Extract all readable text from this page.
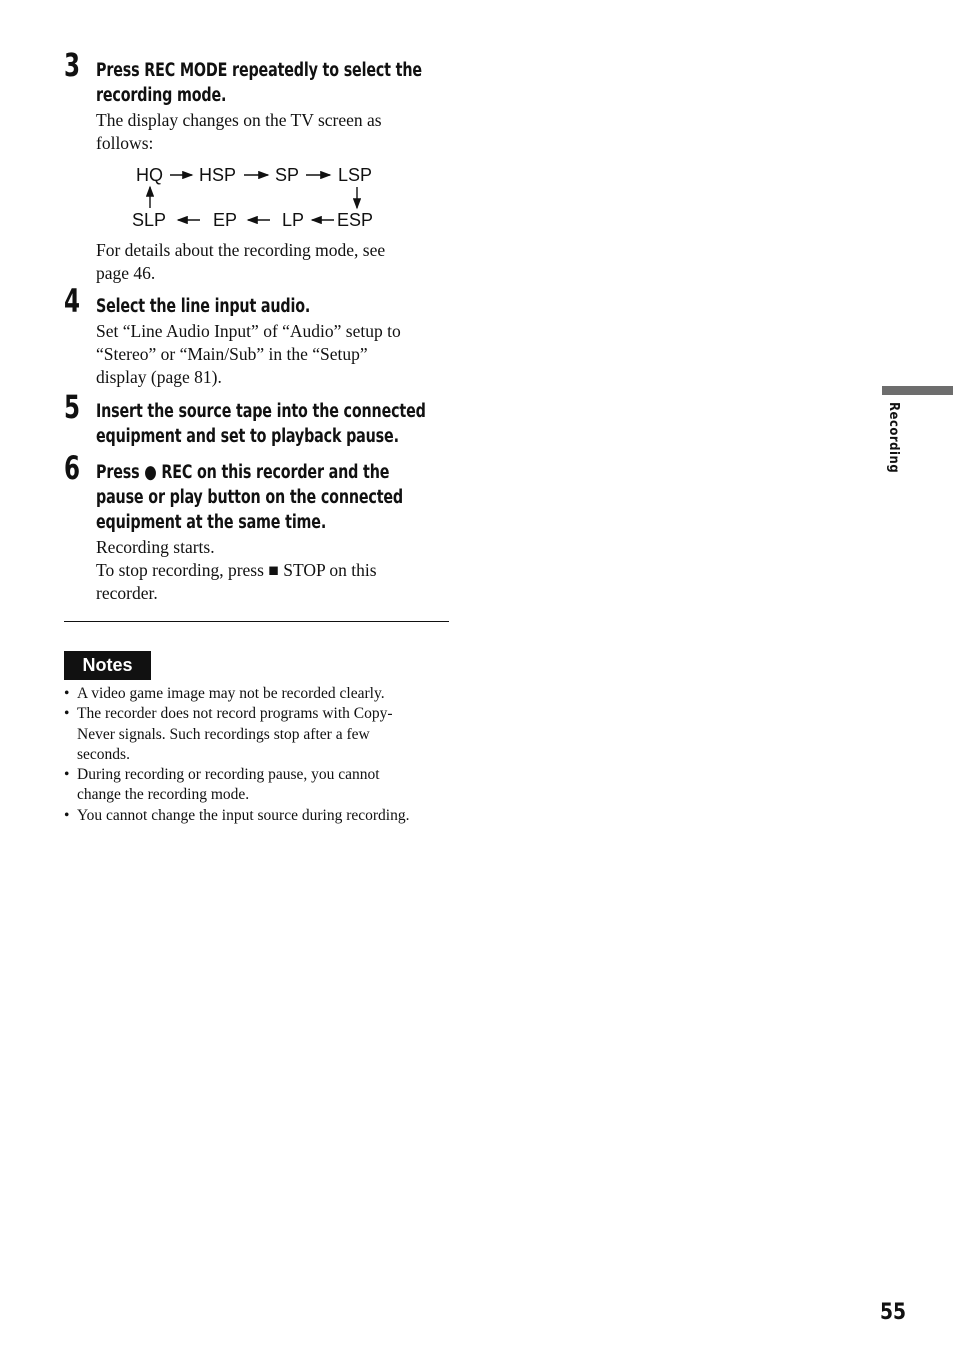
3 Press REC MODE repeatedly to select the
recording mode.
The display changes on the TV screen as
follows:
HQ HSP SP LSP
SLP	EP LP ESP
For details about the recording mode, see
page 46.
4 Select the line input audio.
Set “Line Audio Input” of “Audio” setup to
“Stereo” or “Main/Sub” in the “Setup”
display (page 81).
5 Insert the source tape into the connected
equipment and set to playback pause.
6 Press ● REC on this recorder and the
pause or play button on the connected
equipment at the same time.
Recording starts.
To stop recording, press ■ STOP on this
recorder.
Notes
• A video game image may not be recorded clearly.
• The recorder does not record programs with Copy-
Never signals. Such recordings stop after a few
seconds.
• During recording or recording pause, you cannot
change the recording mode.
• You cannot change the input source during recording.
Recording
55
